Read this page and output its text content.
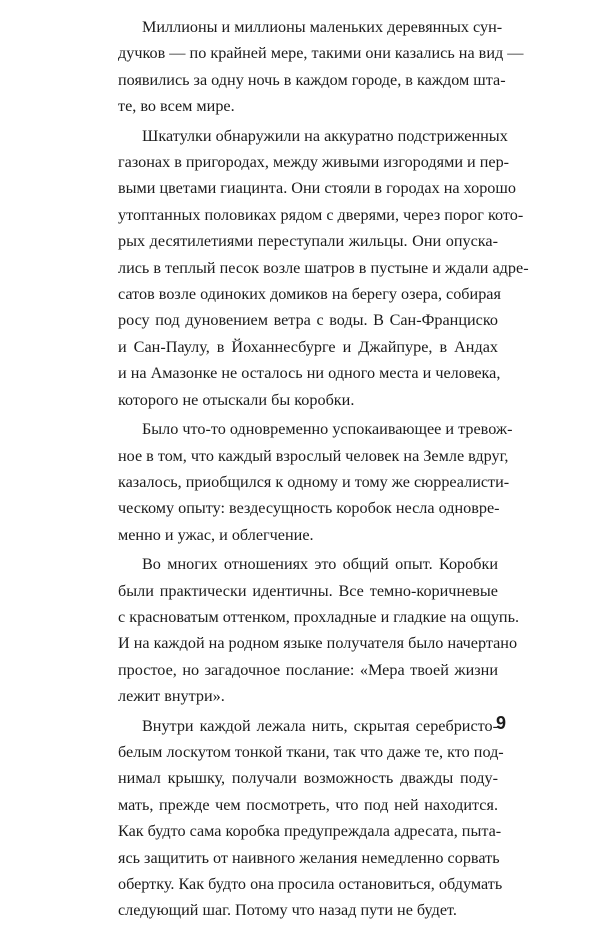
Миллионы и миллионы маленьких деревянных сун-
дучков — по крайней мере, такими они казались на вид —
появились за одну ночь в каждом городе, в каждом шта-
те, во всем мире.
Шкатулки обнаружили на аккуратно подстриженных
газонах в пригородах, между живыми изгородями и пер-
выми цветами гиацинта. Они стояли в городах на хорошо
утоптанных половиках рядом с дверями, через порог кото-
рых десятилетиями переступали жильцы. Они опуска-
лись в теплый песок возле шатров в пустыне и ждали адре-
сатов возле одиноких домиков на берегу озера, собирая
росу под дуновением ветра с воды. В Сан-Франциско
и Сан-Паулу, в Йоханнесбурге и Джайпуре, в Андах
и на Амазонке не осталось ни одного места и человека,
которого не отыскали бы коробки.
Было что-то одновременно успокаивающее и тревож-
ное в том, что каждый взрослый человек на Земле вдруг,
казалось, приобщился к одному и тому же сюрреалисти-
ческому опыту: вездесущность коробок несла одновре-
менно и ужас, и облегчение.
Во многих отношениях это общий опыт. Коробки
были практически идентичны. Все темно-коричневые
с красноватым оттенком, прохладные и гладкие на ощупь.
И на каждой на родном языке получателя было начертано
простое, но загадочное послание: «Мера твоей жизни
лежит внутри».
Внутри каждой лежала нить, скрытая серебристо-
белым лоскутом тонкой ткани, так что даже те, кто под-
нимал крышку, получали возможность дважды поду-
мать, прежде чем посмотреть, что под ней находится.
Как будто сама коробка предупреждала адресата, пыта-
ясь защитить от наивного желания немедленно сорвать
обертку. Как будто она просила остановиться, обдумать
следующий шаг. Потому что назад пути не будет.
9
